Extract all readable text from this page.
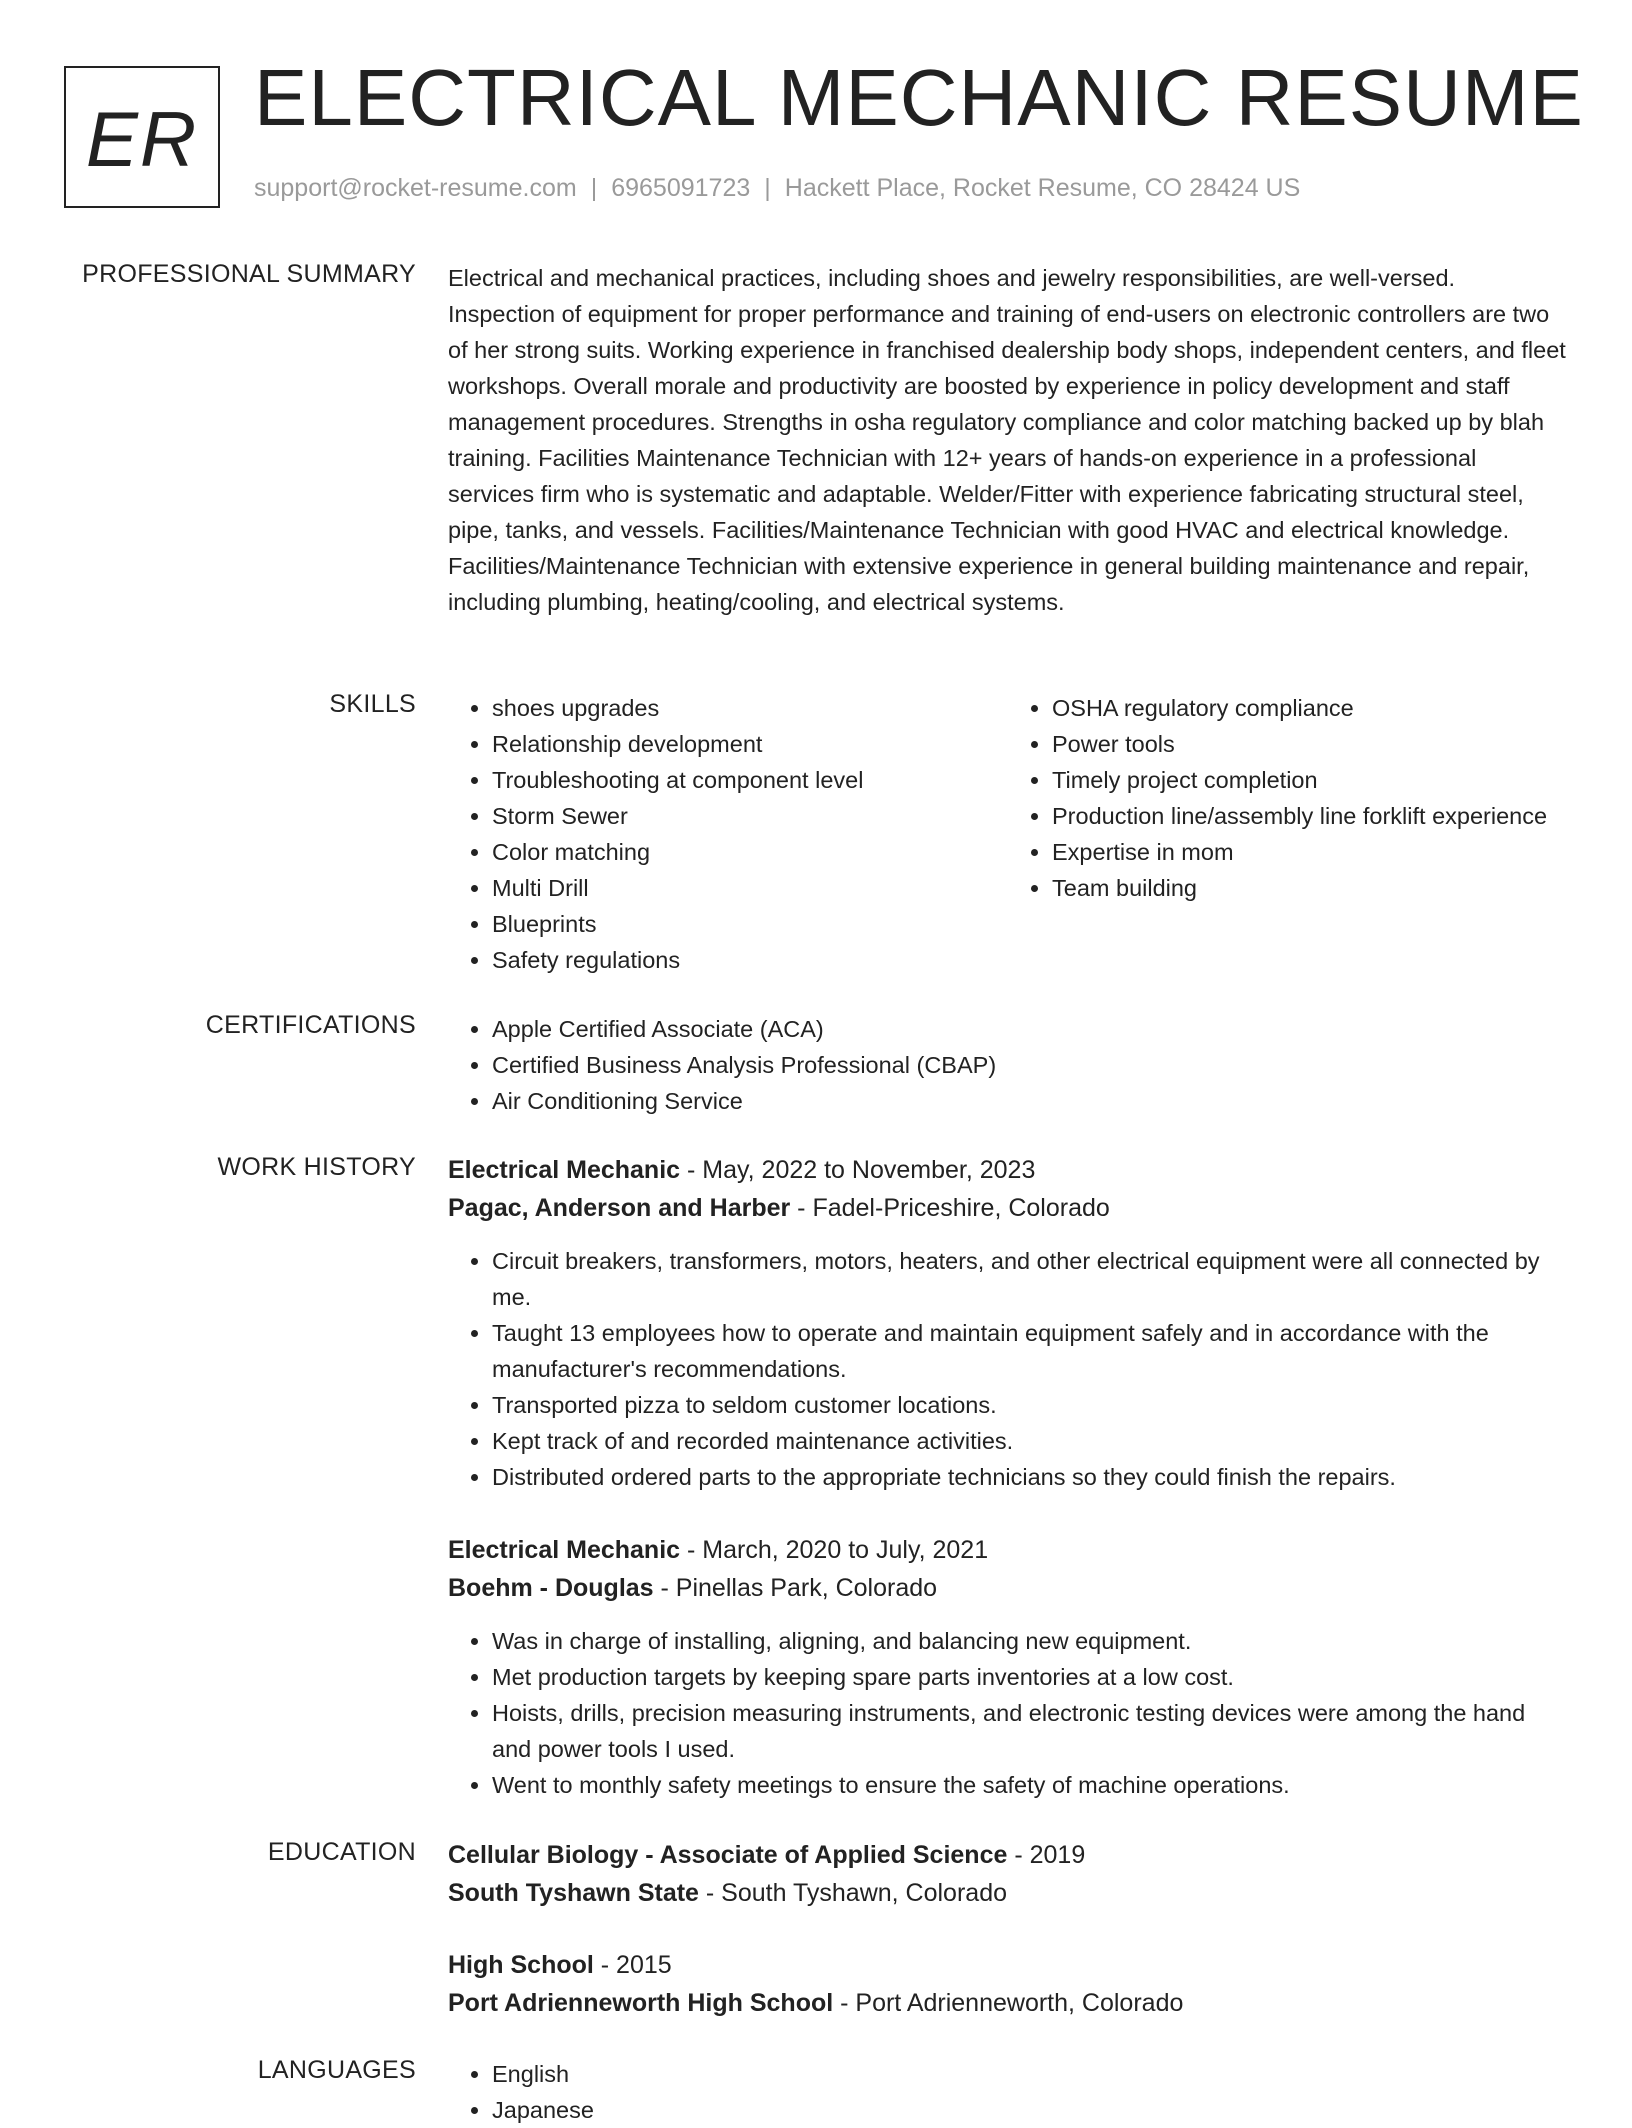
ER ELECTRICAL MECHANIC RESUME
support@rocket-resume.com | 6965091723 | Hackett Place, Rocket Resume, CO 28424 US
PROFESSIONAL SUMMARY Electrical and mechanical practices, including shoes and jewelry responsibilities, are well-versed. Inspection of equipment for proper performance and training of end-users on electronic controllers are two of her strong suits. Working experience in franchised dealership body shops, independent centers, and fleet workshops. Overall morale and productivity are boosted by experience in policy development and staff management procedures. Strengths in osha regulatory compliance and color matching backed up by blah training. Facilities Maintenance Technician with 12+ years of hands-on experience in a professional services firm who is systematic and adaptable. Welder/Fitter with experience fabricating structural steel, pipe, tanks, and vessels. Facilities/Maintenance Technician with good HVAC and electrical knowledge. Facilities/Maintenance Technician with extensive experience in general building maintenance and repair, including plumbing, heating/cooling, and electrical systems.

SKILLS	• shoes upgrades
• Relationship development
• Troubleshooting at component level
• Storm Sewer
• Color matching
• Multi Drill
• Blueprints
• Safety regulations
• OSHA regulatory compliance
• Power tools
• Timely project completion
• Production line/assembly line forklift experience
• Expertise in mom
• Team building
CERTIFICATIONS	• Apple Certified Associate (ACA)
• Certified Business Analysis Professional (CBAP)
• Air Conditioning Service
WORK HISTORY Electrical Mechanic - May, 2022 to November, 2023
Pagac, Anderson and Harber - Fadel-Priceshire, Colorado
• Circuit breakers, transformers, motors, heaters, and other electrical equipment were all connected by me.
• Taught 13 employees how to operate and maintain equipment safely and in accordance with the manufacturer's recommendations.
• Transported pizza to seldom customer locations.
• Kept track of and recorded maintenance activities.
• Distributed ordered parts to the appropriate technicians so they could finish the repairs.
Electrical Mechanic - March, 2020 to July, 2021
Boehm - Douglas - Pinellas Park, Colorado
• Was in charge of installing, aligning, and balancing new equipment.
• Met production targets by keeping spare parts inventories at a low cost.
• Hoists, drills, precision measuring instruments, and electronic testing devices were among the hand and power tools I used.
• Went to monthly safety meetings to ensure the safety of machine operations.
EDUCATION Cellular Biology - Associate of Applied Science - 2019
South Tyshawn State - South Tyshawn, Colorado
High School - 2015
Port Adrienneworth High School - Port Adrienneworth, Colorado
LANGUAGES	• English
• Japanese
